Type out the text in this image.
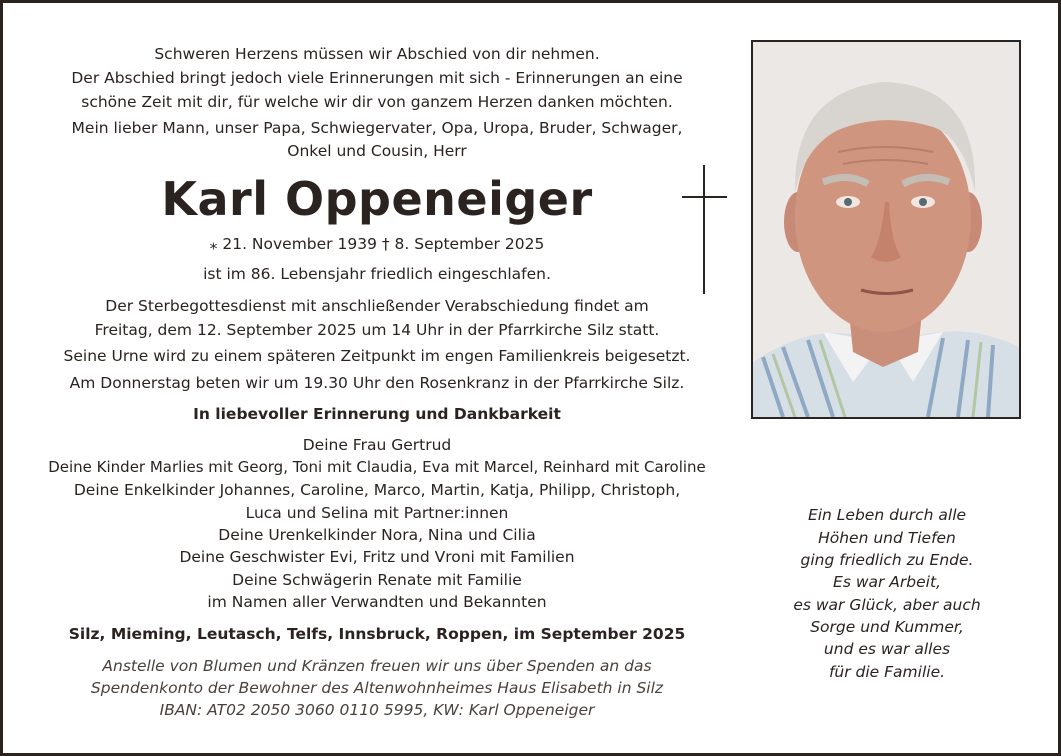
Schweren Herzens müssen wir Abschied von dir nehmen.
Der Abschied bringt jedoch viele Erinnerungen mit sich - Erinnerungen an eine
schöne Zeit mit dir, für welche wir dir von ganzem Herzen danken möchten.
Mein lieber Mann, unser Papa, Schwiegervater, Opa, Uropa, Bruder, Schwager,
Onkel und Cousin, Herr
Karl Oppeneiger
⁎ 21. November 1939 † 8. September 2025
ist im 86. Lebensjahr friedlich eingeschlafen.
Der Sterbegottesdienst mit anschließender Verabschiedung findet am
Freitag, dem 12. September 2025 um 14 Uhr in der Pfarrkirche Silz statt.
Seine Urne wird zu einem späteren Zeitpunkt im engen Familienkreis beigesetzt.
Am Donnerstag beten wir um 19.30 Uhr den Rosenkranz in der Pfarrkirche Silz.
In liebevoller Erinnerung und Dankbarkeit
Deine Frau Gertrud
Deine Kinder Marlies mit Georg, Toni mit Claudia, Eva mit Marcel, Reinhard mit Caroline
Deine Enkelkinder Johannes, Caroline, Marco, Martin, Katja, Philipp, Christoph,
Luca und Selina mit Partner:innen
Deine Urenkelkinder Nora, Nina und Cilia
Deine Geschwister Evi, Fritz und Vroni mit Familien
Deine Schwägerin Renate mit Familie
im Namen aller Verwandten und Bekannten
Silz, Mieming, Leutasch, Telfs, Innsbruck, Roppen, im September 2025
Anstelle von Blumen und Kränzen freuen wir uns über Spenden an das
Spendenkonto der Bewohner des Altenwohnheimes Haus Elisabeth in Silz
IBAN: AT02 2050 3060 0110 5995, KW: Karl Oppeneiger
Ein Leben durch alle
Höhen und Tiefen
ging friedlich zu Ende.
Es war Arbeit,
es war Glück, aber auch
Sorge und Kummer,
und es war alles
für die Familie.
